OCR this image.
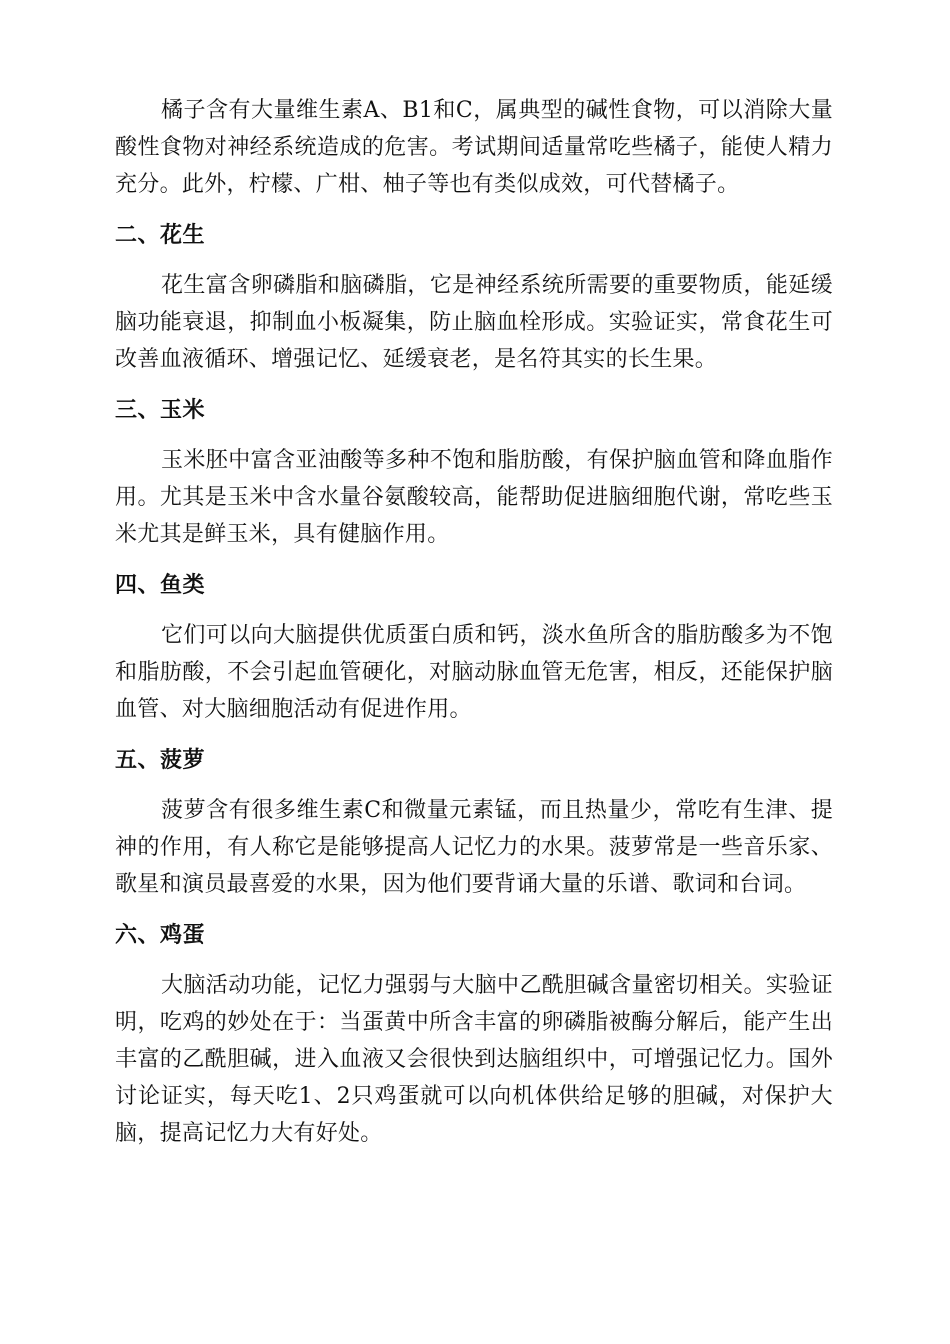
橘子含有大量维生素A、B1和C，属典型的碱性食物，可以消除大量酸性食物对神经系统造成的危害。考试期间适量常吃些橘子，能使人精力充分。此外，柠檬、广柑、柚子等也有类似成效，可代替橘子。

二、花生

花生富含卵磷脂和脑磷脂，它是神经系统所需要的重要物质，能延缓脑功能衰退，抑制血小板凝集，防止脑血栓形成。实验证实，常食花生可改善血液循环、增强记忆、延缓衰老，是名符其实的长生果。

三、玉米

玉米胚中富含亚油酸等多种不饱和脂肪酸，有保护脑血管和降血脂作用。尤其是玉米中含水量谷氨酸较高，能帮助促进脑细胞代谢，常吃些玉米尤其是鲜玉米，具有健脑作用。

四、鱼类

它们可以向大脑提供优质蛋白质和钙，淡水鱼所含的脂肪酸多为不饱和脂肪酸，不会引起血管硬化，对脑动脉血管无危害，相反，还能保护脑血管、对大脑细胞活动有促进作用。

五、菠萝

菠萝含有很多维生素C和微量元素锰，而且热量少，常吃有生津、提神的作用，有人称它是能够提高人记忆力的水果。菠萝常是一些音乐家、歌星和演员最喜爱的水果，因为他们要背诵大量的乐谱、歌词和台词。

六、鸡蛋

大脑活动功能，记忆力强弱与大脑中乙酰胆碱含量密切相关。实验证明，吃鸡的妙处在于：当蛋黄中所含丰富的卵磷脂被酶分解后，能产生出丰富的乙酰胆碱，进入血液又会很快到达脑组织中，可增强记忆力。国外讨论证实，每天吃1、2只鸡蛋就可以向机体供给足够的胆碱，对保护大脑，提高记忆力大有好处。
